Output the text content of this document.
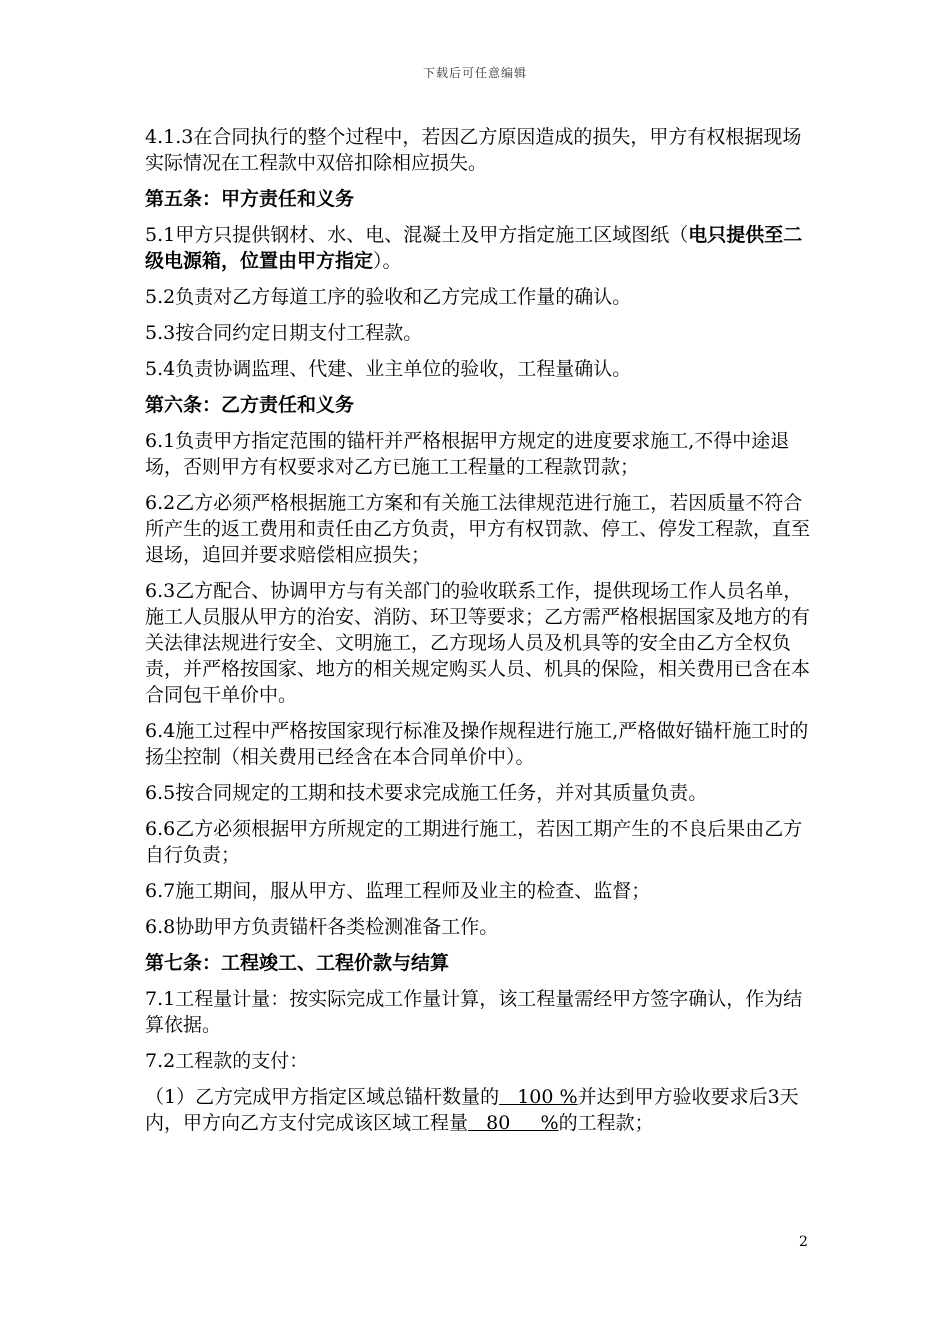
下载后可任意编辑

4.1.3在合同执行的整个过程中，若因乙方原因造成的损失，甲方有权根据现场实际情况在工程款中双倍扣除相应损失。

第五条：甲方责任和义务

5.1甲方只提供钢材、水、电、混凝土及甲方指定施工区域图纸（电只提供至二级电源箱，位置由甲方指定）。

5.2负责对乙方每道工序的验收和乙方完成工作量的确认。

5.3按合同约定日期支付工程款。

5.4负责协调监理、代建、业主单位的验收，工程量确认。

第六条：乙方责任和义务

6.1负责甲方指定范围的锚杆并严格根据甲方规定的进度要求施工,不得中途退场，否则甲方有权要求对乙方已施工工程量的工程款罚款；

6.2乙方必须严格根据施工方案和有关施工法律规范进行施工，若因质量不符合所产生的返工费用和责任由乙方负责，甲方有权罚款、停工、停发工程款，直至退场，追回并要求赔偿相应损失；

6.3乙方配合、协调甲方与有关部门的验收联系工作，提供现场工作人员名单，施工人员服从甲方的治安、消防、环卫等要求；乙方需严格根据国家及地方的有关法律法规进行安全、文明施工，乙方现场人员及机具等的安全由乙方全权负责，并严格按国家、地方的相关规定购买人员、机具的保险，相关费用已含在本合同包干单价中。

6.4施工过程中严格按国家现行标准及操作规程进行施工,严格做好锚杆施工时的扬尘控制（相关费用已经含在本合同单价中）。

6.5按合同规定的工期和技术要求完成施工任务，并对其质量负责。

6.6乙方必须根据甲方所规定的工期进行施工，若因工期产生的不良后果由乙方自行负责；

6.7施工期间，服从甲方、监理工程师及业主的检查、监督；

6.8协助甲方负责锚杆各类检测准备工作。

第七条：工程竣工、工程价款与结算

7.1工程量计量：按实际完成工作量计算，该工程量需经甲方签字确认，作为结算依据。

7.2工程款的支付：

（1）乙方完成甲方指定区域总锚杆数量的   100 %并达到甲方验收要求后3天内，甲方向乙方支付完成该区域工程量   80     %的工程款；

2
